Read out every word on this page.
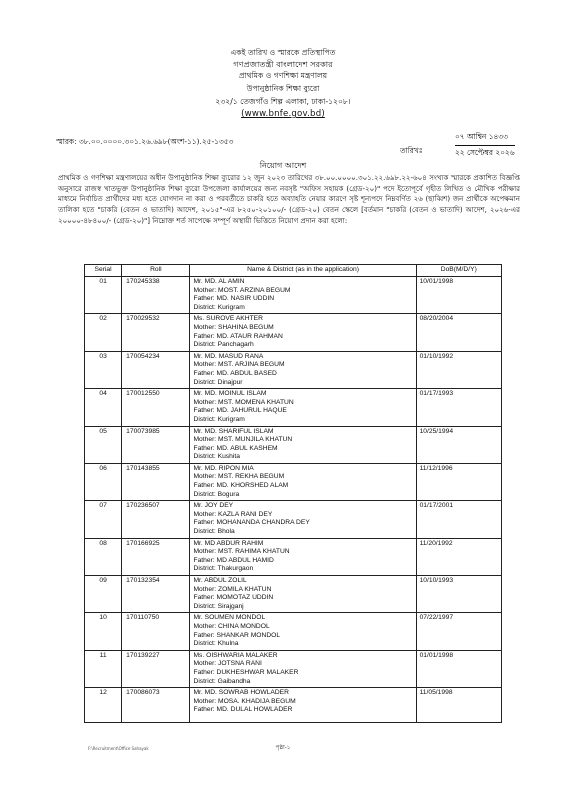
একই তারিখ ও স্মারকে প্রতিস্থাপিত
গণপ্রজাতন্ত্রী বাংলাদেশ সরকার
প্রাথমিক ও গণশিক্ষা মন্ত্রণালয়
উপানুষ্ঠানিক শিক্ষা ব্যুরো
২৩২/১ তেজগাঁও শিল্প এলাকা, ঢাকা-১২০৮।
(www.bnfe.gov.bd)
স্মারক: ৩৮.০০.০০০০.৩০১.২৬.৬৯৮(অংশ-১১).২৫-১৩৫৩
তারিখঃ
০৭ আশ্বিন ১৪৩৩
২২ সেপ্টেম্বর ২০২৬
নিয়োগ আদেশ
প্রাথমিক ও গণশিক্ষা মন্ত্রণালয়ের অধীন উপানুষ্ঠানিক শিক্ষা ব্যুরোর ১২ জুন ২০২৩ তারিখের ৩৮.০০.০০০০.৩০১.২২.৬৯৮.২২-৬০৪ সংখ্যক স্মারকে প্রকাশিত বিজ্ঞপ্তি অনুসারে রাজস্ব খাতভুক্ত উপানুষ্ঠানিক শিক্ষা ব্যুরো উপজেলা কার্যালয়ের জন্য নবসৃষ্ট "অফিস সহায়ক (গ্রেড-২০)" পদে ইতোপূর্বে গৃহীত লিখিত ও মৌখিক পরীক্ষার মাধ্যমে নির্বাচিত প্রার্থীদের মধ্য হতে যোগদান না করা ও পরবর্তীতে চাকরি হতে অব্যাহতি নেয়ার কারণে সৃষ্ট শূন্যপদে নিম্নবর্ণিত ২৬ (ছাব্বিশ) জন প্রার্থীকে অপেক্ষমান তালিকা হতে "চাকরি (বেতন ও ভাতাদি) আদেশ, ২০১৫"-এর ৮২৫০-২০১০০/- (গ্রেড-২০) বেতন স্কেলে [বর্তমান "চাকরি (বেতন ও ভাতাদি) আদেশ, ২০২৬-এর ২০০০০-৪৮৪০০/- (গ্রেড-২০)"] নিম্নোক্ত শর্ত সাপেক্ষে সম্পূর্ণ অস্থায়ী ভিত্তিতে নিয়োগ প্রদান করা হলো:
Serial	Roll	Name & District (as in the application)	DoB(M/D/Y)
01	170245338	Mr. MD. AL AMIN
Mother: MOST. ARZINA BEGUM
Father: MD. NASIR UDDIN
District: Kurigram	10/01/1998
02	170029532	Ms. SUROVE AKHTER
Mother: SHAHINA BEGUM
Father: MD. ATAUR RAHMAN
District: Panchagarh	08/20/2004
03	170054234	Mr. MD. MASUD RANA
Mother: MST. ARJINA BEGUM
Father: MD. ABDUL BASED
District: Dinajpur	01/10/1992
04	170012550	Mr. MD. MOINUL ISLAM
Mother: MST. MOMENA KHATUN
Father: MD. JAHURUL HAQUE
District: Kurigram	01/17/1993
05	170073985	Mr. MD. SHARIFUL ISLAM
Mother: MST. MUNJILA KHATUN
Father: MD. ABUL KASHEM
District: Kushita	10/25/1994
06	170143855	Mr. MD. RIPON MIA
Mother: MST. REKHA BEGUM
Father: MD. KHORSHED ALAM
District: Bogura	11/12/1996
07	170236507	Mr. JOY DEY
Mother: KAZLA RANI DEY
Father: MOHANANDA CHANDRA DEY
District: Bhola	01/17/2001
08	170166925	Mr. MD ABDUR RAHIM
Mother: MST. RAHIMA KHATUN
Father: MD ABDUL HAMID
District: Thakurgaon	11/20/1992
09	170132354	Mr. ABDUL ZOLIL
Mother: ZOMILA KHATUN
Father: MOMOTAZ UDDIN
District: Sirajganj	10/10/1993
10	170110750	Mr. SOUMEN MONDOL
Mother: CHINA MONDOL
Father: SHANKAR MONDOL
District: Khulna	07/22/1997
11	170139227	Ms. OISHWARIA MALAKER
Mother: JOTSNA RANI
Father: DUKHESHWAR MALAKER
District: Gaibandha	01/01/1998
12	170086073	Mr. MD. SOWRAB HOWLADER
Mother: MOSA. KHADIJA BEGUM
Father: MD. DULAL HOWLADER	11/05/1998
F:\Recruitment\Office Sahayak	পৃষ্ঠা-১
